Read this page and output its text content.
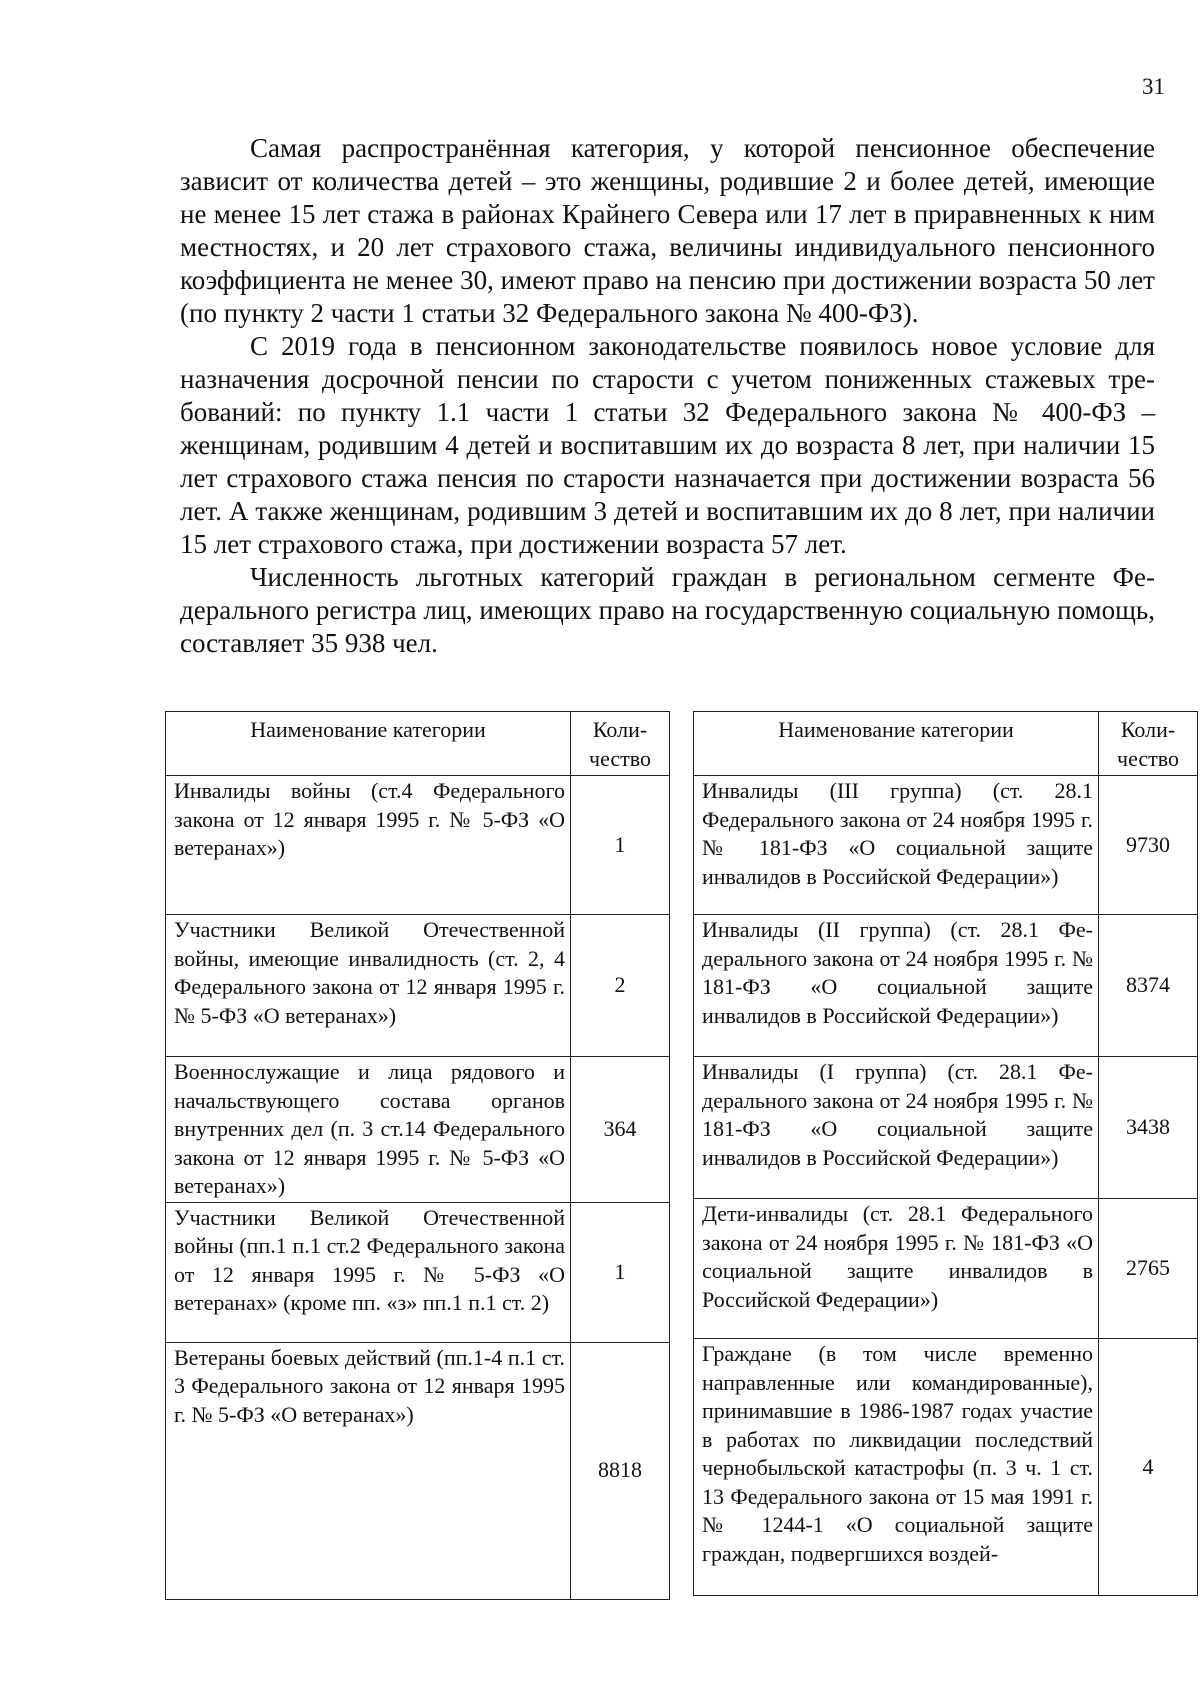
31

Самая распространённая категория, у которой пенсионное обеспечение зависит от количества детей – это женщины, родившие 2 и более детей, имеющие не менее 15 лет стажа в районах Крайнего Севера или 17 лет в приравненных к ним местностях, и 20 лет страхового стажа, величины индивидуального пенсионного коэффициента не менее 30, имеют право на пенсию при достижении возраста 50 лет (по пункту 2 части 1 статьи 32 Федерального закона № 400-ФЗ).

С 2019 года в пенсионном законодательстве появилось новое условие для назначения досрочной пенсии по старости с учетом пониженных стажевых требований: по пункту 1.1 части 1 статьи 32 Федерального закона № 400-ФЗ – женщинам, родившим 4 детей и воспитавшим их до возраста 8 лет, при наличии 15 лет страхового стажа пенсия по старости назначается при достижении возраста 56 лет. А также женщинам, родившим 3 детей и воспитавшим их до 8 лет, при наличии 15 лет страхового стажа, при достижении возраста 57 лет.

Численность льготных категорий граждан в региональном сегменте Федерального регистра лиц, имеющих право на государственную социальную помощь, составляет 35 938 чел.

Наименование категории	Количество
Инвалиды войны (ст.4 Федерального закона от 12 января 1995 г. № 5-ФЗ «О ветеранах»)	1
Участники Великой Отечественной войны, имеющие инвалидность (ст. 2, 4 Федерального закона от 12 января 1995 г. № 5-ФЗ «О ветеранах»)	2
Военнослужащие и лица рядового и начальствующего состава органов внутренних дел (п. 3 ст.14 Федерального закона от 12 января 1995 г. № 5-ФЗ «О ветеранах»)	364
Участники Великой Отечественной войны (пп.1 п.1 ст.2 Федерального закона от 12 января 1995 г. № 5-ФЗ «О ветеранах» (кроме пп. «з» пп.1 п.1 ст. 2)	1
Ветераны боевых действий (пп.1-4 п.1 ст. 3 Федерального закона от 12 января 1995 г. № 5-ФЗ «О ветеранах»)	8818
Наименование категории	Количество
Инвалиды (III группа) (ст. 28.1 Федерального закона от 24 ноября 1995 г. № 181-ФЗ «О социальной защите инвалидов в Российской Федерации»)	9730
Инвалиды (II группа) (ст. 28.1 Федерального закона от 24 ноября 1995 г. № 181-ФЗ «О социальной защите инвалидов в Российской Федерации»)	8374
Инвалиды (I группа) (ст. 28.1 Федерального закона от 24 ноября 1995 г. № 181-ФЗ «О социальной защите инвалидов в Российской Федерации»)	3438
Дети-инвалиды (ст. 28.1 Федерального закона от 24 ноября 1995 г. № 181-ФЗ «О социальной защите инвалидов в Российской Федерации»)	2765
Граждане (в том числе временно направленные или командированные), принимавшие в 1986-1987 годах участие в работах по ликвидации последствий чернобыльской катастрофы (п. 3 ч. 1 ст. 13 Федерального закона от 15 мая 1991 г. № 1244-1 «О социальной защите граждан, подвергшихся воздей-	4
